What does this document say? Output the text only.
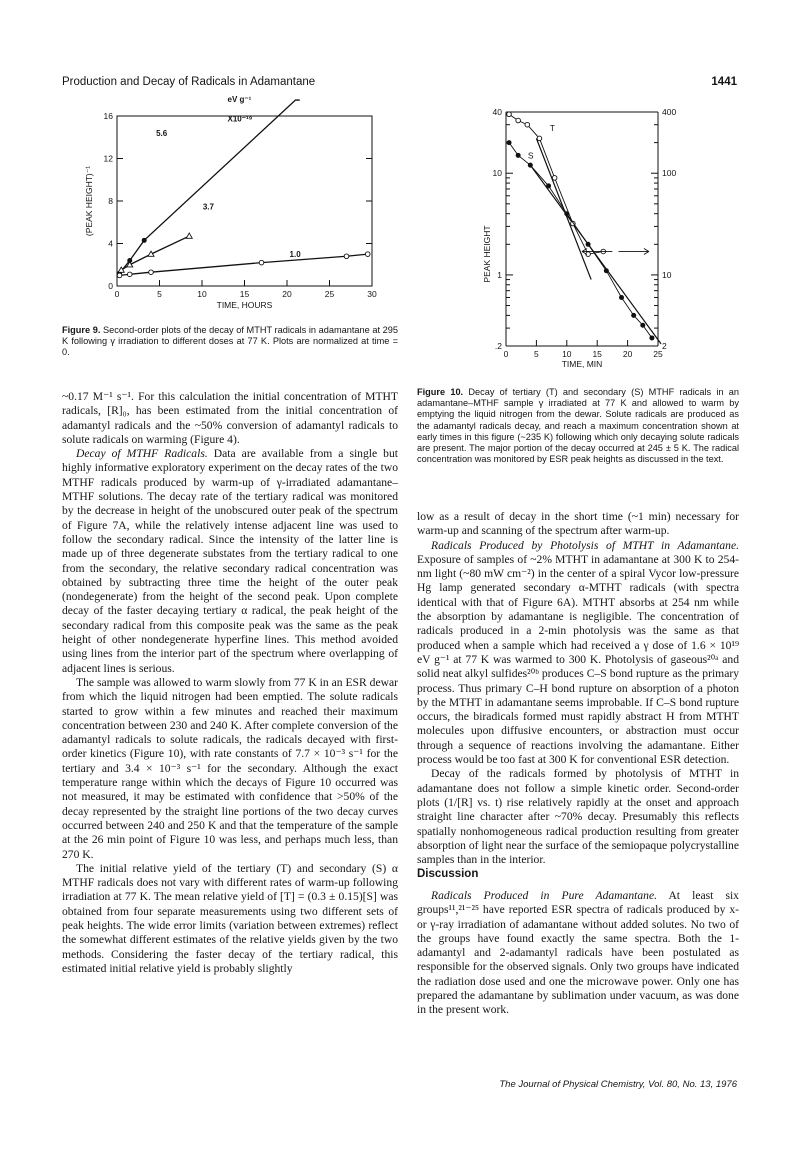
Production and Decay of Radicals in Adamantane	1441
0	5	10	15	20	25	30
0
4
8
12
16
TIME, HOURS
(PEAK HEIGHT)⁻¹
eV g⁻¹
X10⁻¹⁹
5.6
3.7
1.0
Figure 9. Second-order plots of the decay of MTHT radicals in adamantane at 295 K following γ irradiation to different doses at 77 K. Plots are normalized at time = 0.
.2
1
10
40
2
10
100
400
0	5	10 15 20 25
TIME, MIN
PEAK HEIGHT
T
S
Figure 10. Decay of tertiary (T) and secondary (S) MTHF radicals in an adamantane–MTHF sample γ irradiated at 77 K and allowed to warm by emptying the liquid nitrogen from the dewar. Solute radicals are produced as the adamantyl radicals decay, and reach a maximum concentration shown at early times in this figure (~235 K) following which only decaying solute radicals are present. The major portion of the decay occurred at 245 ± 5 K. The radical concentration was monitored by ESR peak heights as discussed in the text.

~0.17 M⁻¹ s⁻¹. For this calculation the initial concentration of MTHT radicals, [R]₀, has been estimated from the initial concentration of adamantyl radicals and the ~50% conversion of adamantyl radicals to solute radicals on warming (Figure 4).

Decay of MTHF Radicals. Data are available from a single but highly informative exploratory experiment on the decay rates of the two MTHF radicals produced by warm-up of γ-irradiated adamantane–MTHF solutions. The decay rate of the tertiary radical was monitored by the decrease in height of the unobscured outer peak of the spectrum of Figure 7A, while the relatively intense adjacent line was used to follow the secondary radical. Since the intensity of the latter line is made up of three degenerate substates from the tertiary radical to one from the secondary, the relative secondary radical concentration was obtained by subtracting three time the height of the outer peak (nondegenerate) from the height of the second peak. Upon complete decay of the faster decaying tertiary α radical, the peak height of the secondary radical from this composite peak was the same as the peak height of other nondegenerate hyperfine lines. This method avoided using lines from the interior part of the spectrum where overlapping of adjacent lines is serious.

The sample was allowed to warm slowly from 77 K in an ESR dewar from which the liquid nitrogen had been emptied. The solute radicals started to grow within a few minutes and reached their maximum concentration between 230 and 240 K. After complete conversion of the adamantyl radicals to solute radicals, the radicals decayed with first-order kinetics (Figure 10), with rate constants of 7.7 × 10⁻³ s⁻¹ for the tertiary and 3.4 × 10⁻³ s⁻¹ for the secondary. Although the exact temperature range within which the decays of Figure 10 occurred was not measured, it may be estimated with confidence that >50% of the decay represented by the straight line portions of the two decay curves occurred between 240 and 250 K and that the temperature of the sample at the 26 min point of Figure 10 was less, and perhaps much less, than 270 K.

The initial relative yield of the tertiary (T) and secondary (S) α MTHF radicals does not vary with different rates of warm-up following irradiation at 77 K. The mean relative yield of [T] = (0.3 ± 0.15)[S] was obtained from four separate measurements using two different sets of peak heights. The wide error limits (variation between extremes) reflect the somewhat different estimates of the relative yields given by the two methods. Considering the faster decay of the tertiary radical, this estimated initial relative yield is probably slightly

low as a result of decay in the short time (~1 min) necessary for warm-up and scanning of the spectrum after warm-up.

Radicals Produced by Photolysis of MTHT in Adamantane. Exposure of samples of ~2% MTHT in adamantane at 300 K to 254-nm light (~80 mW cm⁻²) in the center of a spiral Vycor low-pressure Hg lamp generated secondary α-MTHT radicals (with spectra identical with that of Figure 6A). MTHT absorbs at 254 nm while the absorption by adamantane is negligible. The concentration of radicals produced in a 2-min photolysis was the same as that produced when a sample which had received a γ dose of 1.6 × 10¹⁹ eV g⁻¹ at 77 K was warmed to 300 K. Photolysis of gaseous²⁰ᵃ and solid neat alkyl sulfides²⁰ᵇ produces C–S bond rupture as the primary process. Thus primary C–H bond rupture on absorption of a photon by the MTHT in adamantane seems improbable. If C–S bond rupture occurs, the biradicals formed must rapidly abstract H from MTHT molecules upon diffusive encounters, or abstraction must occur through a sequence of reactions involving the adamantane. Either process would be too fast at 300 K for conventional ESR detection.

Decay of the radicals formed by photolysis of MTHT in adamantane does not follow a simple kinetic order. Second-order plots (1/[R] vs. t) rise relatively rapidly at the onset and approach straight line character after ~70% decay. Presumably this reflects spatially nonhomogeneous radical production resulting from greater absorption of light near the surface of the semiopaque polycrystalline samples than in the interior.

Discussion

Radicals Produced in Pure Adamantane. At least six groups¹¹,²¹⁻²⁵ have reported ESR spectra of radicals produced by x- or γ-ray irradiation of adamantane without added solutes. No two of the groups have found exactly the same spectra. Both the 1-adamantyl and 2-adamantyl radicals have been postulated as responsible for the observed signals. Only two groups have indicated the radiation dose used and one the microwave power. Only one has prepared the adamantane by sublimation under vacuum, as was done in the present work.

The Journal of Physical Chemistry, Vol. 80, No. 13, 1976
